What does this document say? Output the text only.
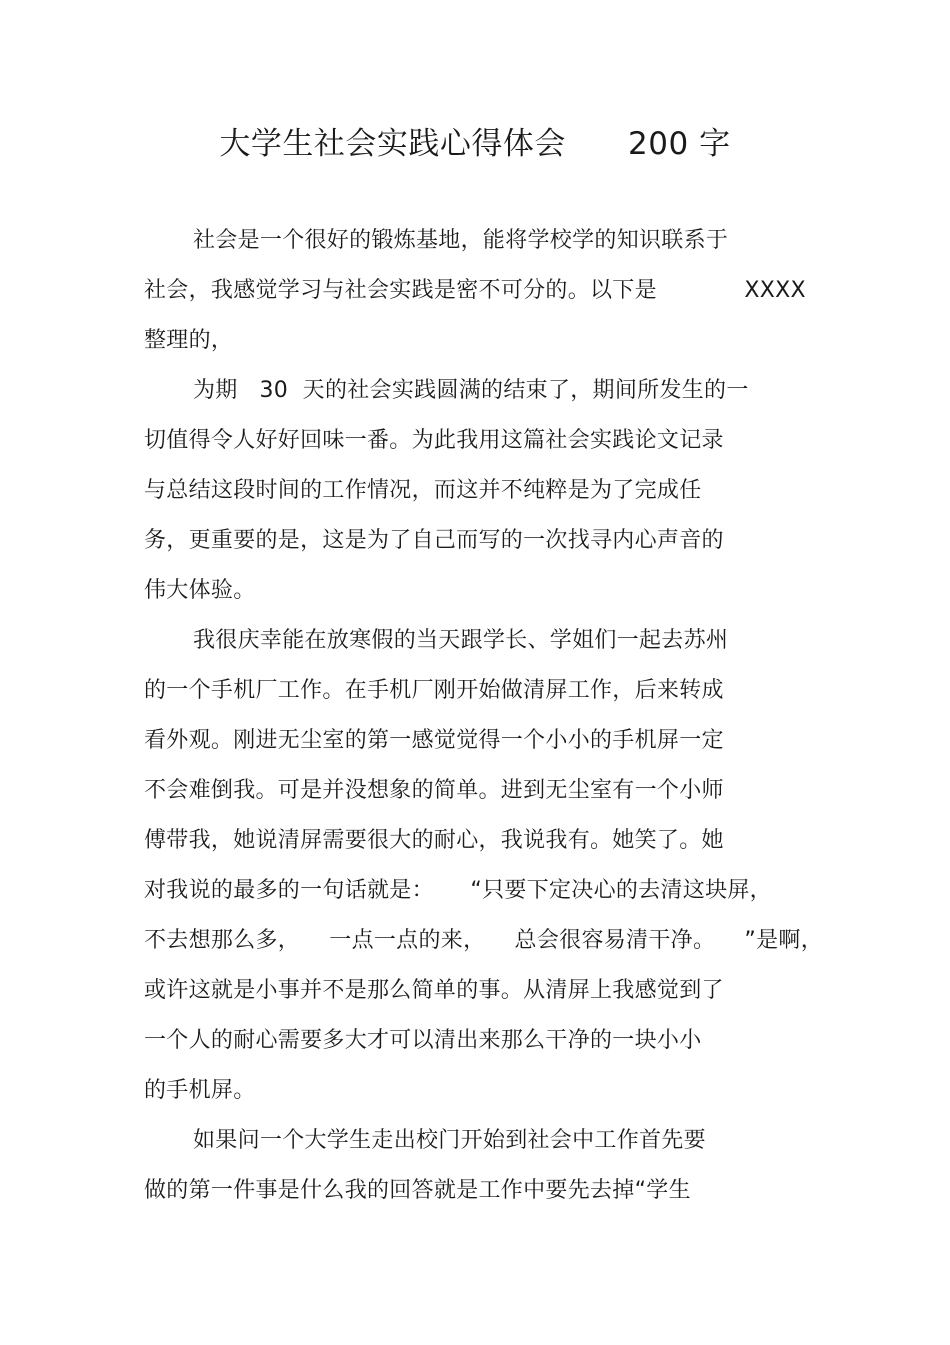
大学生社会实践心得体会      200 字
社会是一个很好的锻炼基地，能将学校学的知识联系于
社会，我感觉学习与社会实践是密不可分的。以下是            XXXX
整理的，
为期   30  天的社会实践圆满的结束了，期间所发生的一
切值得令人好好回味一番。为此我用这篇社会实践论文记录
与总结这段时间的工作情况，而这并不纯粹是为了完成任
务，更重要的是，这是为了自己而写的一次找寻内心声音的
伟大体验。
我很庆幸能在放寒假的当天跟学长、学姐们一起去苏州
的一个手机厂工作。在手机厂刚开始做清屏工作，后来转成
看外观。刚进无尘室的第一感觉觉得一个小小的手机屏一定
不会难倒我。可是并没想象的简单。进到无尘室有一个小师
傅带我，她说清屏需要很大的耐心，我说我有。她笑了。她
对我说的最多的一句话就是：     “只要下定决心的去清这块屏，
不去想那么多，    一点一点的来，    总会很容易清干净。    ”是啊，
或许这就是小事并不是那么简单的事。从清屏上我感觉到了
一个人的耐心需要多大才可以清出来那么干净的一块小小
的手机屏。
如果问一个大学生走出校门开始到社会中工作首先要
做的第一件事是什么我的回答就是工作中要先去掉“学生
